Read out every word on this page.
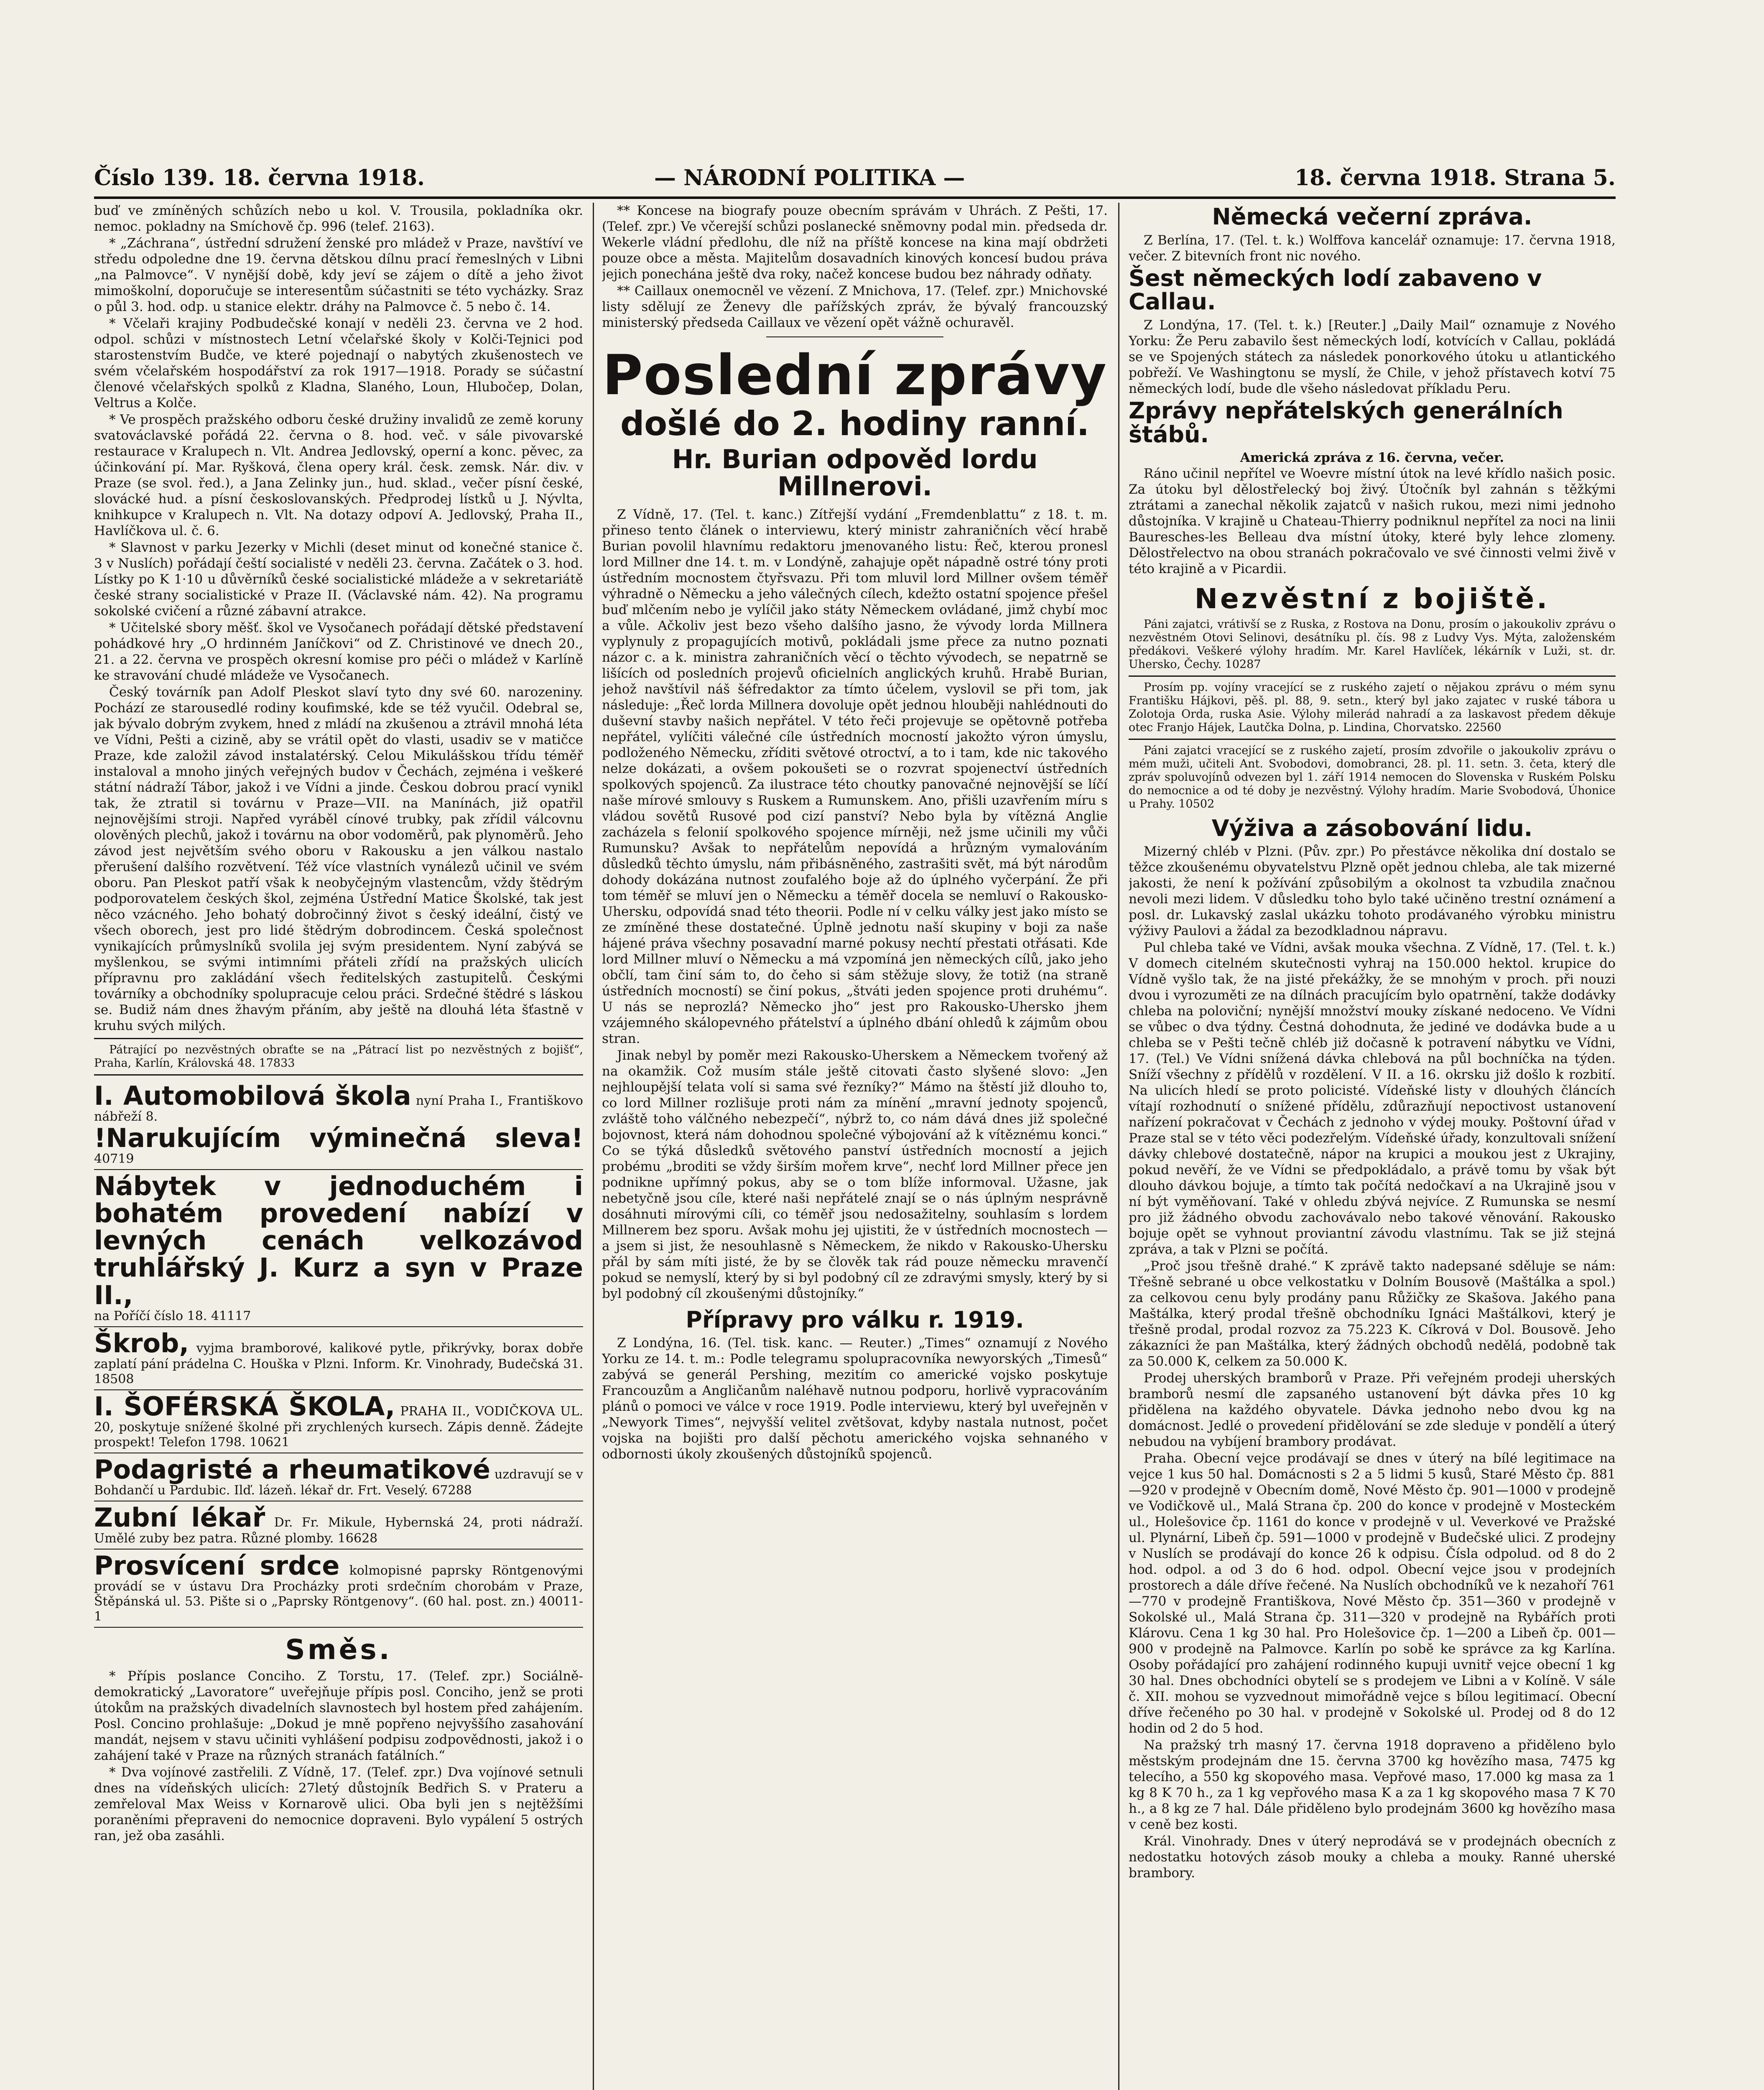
Číslo 139. 18. června 1918.	— NÁRODNÍ POLITIKA —	18. června 1918. Strana 5.

buď ve zmíněných schůzích nebo u kol. V. Trousila, pokladníka okr. nemoc. pokladny na Smíchově čp. 996 (telef. 2163).

* „Záchrana“, ústřední sdružení ženské pro mládež v Praze, navštíví ve středu odpoledne dne 19. června dětskou dílnu prací řemeslných v Libni „na Palmovce“. V nynější době, kdy jeví se zájem o dítě a jeho život mimoškolní, doporučuje se interesentům súčastniti se této vycházky. Sraz o půl 3. hod. odp. u stanice elektr. dráhy na Palmovce č. 5 nebo č. 14.

* Včelaři krajiny Podbudečské konají v neděli 23. června ve 2 hod. odpol. schůzi v místnostech Letní včelařské školy v Kolči-Tejnici pod starostenstvím Budče, ve které pojednají o nabytých zkušenostech ve svém včelařském hospodářství za rok 1917—1918. Porady se súčastní členové včelařských spolků z Kladna, Slaného, Loun, Hlubočep, Dolan, Veltrus a Kolče.

* Ve prospěch pražského odboru české družiny invalidů ze země koruny svatováclavské pořádá 22. června o 8. hod. več. v sále pivovarské restaurace v Kralupech n. Vlt. Andrea Jedlovský, operní a konc. pěvec, za účinkování pí. Mar. Ryšková, člena opery král. česk. zemsk. Nár. div. v Praze (se svol. řed.), a Jana Zelinky jun., hud. sklad., večer písní české, slovácké hud. a písní českoslovanských. Předprodej lístků u J. Nývlta, knihkupce v Kralupech n. Vlt. Na dotazy odpoví A. Jedlovský, Praha II., Havlíčkova ul. č. 6.

* Slavnost v parku Jezerky v Michli (deset minut od konečné stanice č. 3 v Nuslích) pořádají čeští socialisté v neděli 23. června. Začátek o 3. hod. Lístky po K 1·10 u důvěrníků české socialistické mládeže a v sekretariátě české strany socialistické v Praze II. (Václavské nám. 42). Na programu sokolské cvičení a různé zábavní atrakce.

* Učitelské sbory měšť. škol ve Vysočanech pořádají dětské představení pohádkové hry „O hrdinném Janíčkovi“ od Z. Christinové ve dnech 20., 21. a 22. června ve prospěch okresní komise pro péči o mládež v Karlíně ke stravování chudé mládeže ve Vysočanech.

Český továrník pan Adolf Pleskot slaví tyto dny své 60. narozeniny. Pochází ze starousedlé rodiny koufimské, kde se též vyučil. Odebral se, jak bývalo dobrým zvykem, hned z mládí na zkušenou a ztrávil mnohá léta ve Vídni, Pešti a cizině, aby se vrátil opět do vlasti, usadiv se v matičce Praze, kde založil závod instalatérský. Celou Mikulášskou třídu téměř instaloval a mnoho jiných veřejných budov v Čechách, zejména i veškeré státní nádraží Tábor, jakož i ve Vídni a jinde. Českou dobrou prací vynikl tak, že ztratil si továrnu v Praze—VII. na Manínách, již opatřil nejnovějšími stroji. Napřed vyráběl cínové trubky, pak zřídil válcovnu olověných plechů, jakož i továrnu na obor vodoměrů, pak plynoměrů. Jeho závod jest největším svého oboru v Rakousku a jen válkou nastalo přerušení dalšího rozvětvení. Též více vlastních vynálezů učinil ve svém oboru. Pan Pleskot patří však k neobyčejným vlastencům, vždy štědrým podporovatelem českých škol, zejména Ústřední Matice Školské, tak jest něco vzácného. Jeho bohatý dobročinný život s český ideální, čistý ve všech oborech, jest pro lidé štědrým dobrodincem. Česká společnost vynikajících průmyslníků svolila jej svým presidentem. Nyní zabývá se myšlenkou, se svými intimními přáteli zřídí na pražských ulicích přípravnu pro zakládání všech ředitelských zastupitelů. Českými továrníky a obchodníky spolupracuje celou práci. Srdečné štědré s láskou se. Budiž nám dnes žhavým přáním, aby ještě na dlouhá léta šťastně v kruhu svých milých.

Pátrající po nezvěstných obraťte se na „Pátrací list po nezvěstných z bojišť“, Praha, Karlín, Královská 48. 17833

I. Automobilová škola nyní Praha I., Františkovo nábřeží 8.
!Narukujícím výminečná sleva! 40719
Nábytek v jednoduchém i bohatém provedení nabízí v levných cenách velkozávod truhlářský J. Kurz a syn v Praze II.,
na Poříčí číslo 18. 41117
Škrob, vyjma bramborové, kalikové pytle, přikrývky, borax dobře zaplatí pání prádelna C. Houška v Plzni. Inform. Kr. Vinohrady, Budečská 31. 18508
I. ŠOFÉRSKÁ ŠKOLA, PRAHA II., VODIČKOVA UL. 20, poskytuje snížené školné při zrychlených kursech. Zápis denně. Žádejte prospekt! Telefon 1798. 10621
Podagristé a rheumatikové uzdravují se v Bohdančí u Pardubic. Ilď. lázeň. lékař dr. Frt. Veselý. 67288
Zubní lékař Dr. Fr. Mikule, Hybernská 24, proti nádraží. Umělé zuby bez patra. Různé plomby. 16628
Prosvícení srdce kolmopisné paprsky Röntgenovými provádí se v ústavu Dra Procházky proti srdečním chorobám v Praze, Štěpánská ul. 53. Pište si o „Paprsky Röntgenovy“. (60 hal. post. zn.) 40011-1
Směs.

* Přípis poslance Conciho. Z Torstu, 17. (Telef. zpr.) Sociálně-demokratický „Lavoratore“ uveřejňuje přípis posl. Conciho, jenž se proti útokům na pražských divadelních slavnostech byl hostem před zahájením. Posl. Concino prohlašuje: „Dokud je mně popřeno nejvyššího zasahování mandát, nejsem v stavu učiniti vyhlášení podpisu zodpovědnosti, jakož i o zahájení také v Praze na různých stranách fatálních.“

* Dva vojínové zastřelili. Z Vídně, 17. (Telef. zpr.) Dva vojínové setnuli dnes na vídeňských ulicích: 27letý důstojník Bedřich S. v Prateru a zemřeloval Max Weiss v Kornarově ulici. Oba byli jen s nejtěžšími poraněními přepraveni do nemocnice dopraveni. Bylo vypálení 5 ostrých ran, jež oba zasáhli.

** Koncese na biografy pouze obecním správám v Uhrách. Z Pešti, 17. (Telef. zpr.) Ve včerejší schůzi poslanecké sněmovny podal min. předseda dr. Wekerle vládní předlohu, dle níž na příště koncese na kina mají obdržeti pouze obce a města. Majitelům dosavadních kinových koncesí budou práva jejich ponechána ještě dva roky, načež koncese budou bez náhrady odňaty.

** Caillaux onemocněl ve vězení. Z Mnichova, 17. (Telef. zpr.) Mnichovské listy sdělují ze Ženevy dle pařížských zpráv, že bývalý francouzský ministerský předseda Caillaux ve vězení opět vážně ochuravěl.

Poslední zprávy
došlé do 2. hodiny ranní.
Hr. Burian odpověd lordu Millnerovi.

Z Vídně, 17. (Tel. t. kanc.) Zítřejší vydání „Fremdenblattu“ z 18. t. m. přineso tento článek o interviewu, který ministr zahraničních věcí hrabě Burian povolil hlavnímu redaktoru jmenovaného listu: Řeč, kterou pronesl lord Millner dne 14. t. m. v Londýně, zahajuje opět nápadně ostré tóny proti ústředním mocnostem čtyřsvazu. Při tom mluvil lord Millner ovšem téměř výhradně o Německu a jeho válečných cílech, kdežto ostatní spojence přešel buď mlčením nebo je vylíčil jako státy Německem ovládané, jimž chybí moc a vůle. Ačkoliv jest bezo všeho dalšího jasno, že vývody lorda Millnera vyplynuly z propagujících motivů, pokládali jsme přece za nutno poznati názor c. a k. ministra zahraničních věcí o těchto vývodech, se nepatrně se lišících od posledních projevů oficielních anglických kruhů. Hrabě Burian, jehož navštívil náš šéfredaktor za tímto účelem, vyslovil se při tom, jak následuje: „Řeč lorda Millnera dovoluje opět jednou hlouběji nahlédnouti do duševní stavby našich nepřátel. V této řeči projevuje se opětovně potřeba nepřátel, vylíčiti válečné cíle ústředních mocností jakožto výron úmyslu, podloženého Německu, zříditi světové otroctví, a to i tam, kde nic takového nelze dokázati, a ovšem pokoušeti se o rozvrat spojenectví ústředních spolkových spojenců. Za ilustrace této choutky panovačné nejnovější se líčí naše mírové smlouvy s Ruskem a Rumunskem. Ano, přišli uzavřením míru s vládou sovětů Rusové pod cizí panství? Nebo byla by vítězná Anglie zacházela s felonií spolkového spojence mírněji, než jsme učinili my vůči Rumunsku? Avšak to nepřátelům nepovídá a hrůzným vymalováním důsledků těchto úmyslu, nám přibásněného, zastrašiti svět, má být národům dohody dokázána nutnost zoufalého boje až do úplného vyčerpání. Že při tom téměř se mluví jen o Německu a téměř docela se nemluví o Rakousko-Uhersku, odpovídá snad této theorii. Podle ní v celku války jest jako místo se ze zmíněné these dostatečné. Úplně jednotu naší skupiny v boji za naše hájené práva všechny posavadní marné pokusy nechtí přestati otřásati. Kde lord Millner mluví o Německu a má vzpomíná jen německých cílů, jako jeho občlí, tam činí sám to, do čeho si sám stěžuje slovy, že totiž (na straně ústředních mocností) se činí pokus, „štváti jeden spojence proti druhému“. U nás se neprozlá? Německo jho“ jest pro Rakousko-Uhersko jhem vzájemného skálopevného přátelství a úplného dbání ohledů k zájmům obou stran.

Jinak nebyl by poměr mezi Rakousko-Uherskem a Německem tvořený až na okamžik. Což musím stále ještě citovati často slyšené slovo: „Jen nejhloupější telata volí si sama své řezníky?“ Mámo na štěstí již dlouho to, co lord Millner rozlišuje proti nám za mínění „mravní jednoty spojenců, zvláště toho válčného nebezpečí“, nýbrž to, co nám dává dnes již společné bojovnost, která nám dohodnou společné výbojování až k vítěznému konci.“ Co se týká důsledků světového panství ústředních mocností a jejich probému „broditi se vždy širším mořem krve“, nechť lord Millner přece jen podnikne upřímný pokus, aby se o tom blíže informoval. Užasne, jak nebetyčně jsou cíle, které naši nepřátelé znají se o nás úplným nesprávně dosáhnuti mírovými cíli, co téměř jsou nedosažitelny, souhlasím s lordem Millnerem bez sporu. Avšak mohu jej ujistiti, že v ústředních mocnostech — a jsem si jist, že nesouhlasně s Německem, že nikdo v Rakousko-Uhersku přál by sám míti jisté, že by se člověk tak rád pouze německu mravenčí pokud se nemyslí, který by si byl podobný cíl ze zdravými smysly, který by si byl podobný cíl zkoušenými důstojníky.“

Přípravy pro válku r. 1919.

Z Londýna, 16. (Tel. tisk. kanc. — Reuter.) „Times“ oznamují z Nového Yorku ze 14. t. m.: Podle telegramu spolupracovníka newyorských „Timesů“ zabývá se generál Pershing, mezitím co americké vojsko poskytuje Francouzům a Angličanům naléhavě nutnou podporu, horlivě vypracováním plánů o pomoci ve válce v roce 1919. Podle interviewu, který byl uveřejněn v „Newyork Times“, nejvyšší velitel zvětšovat, kdyby nastala nutnost, počet vojska na bojišti pro další pěchotu amerického vojska sehnaného v odbornosti úkoly zkoušených důstojníků spojenců.

Německá večerní zpráva.

Z Berlína, 17. (Tel. t. k.) Wolffova kancelář oznamuje: 17. června 1918, večer. Z bitevních front nic nového.

Šest německých lodí zabaveno v Callau.

Z Londýna, 17. (Tel. t. k.) [Reuter.] „Daily Mail“ oznamuje z Nového Yorku: Že Peru zabavilo šest německých lodí, kotvících v Callau, pokládá se ve Spojených státech za následek ponorkového útoku u atlantického pobřeží. Ve Washingtonu se myslí, že Chile, v jehož přístavech kotví 75 německých lodí, bude dle všeho následovat příkladu Peru.

Zprávy nepřátelských generálních štábů.
Americká zpráva z 16. června, večer.

Ráno učinil nepřítel ve Woevre místní útok na levé křídlo našich posic. Za útoku byl dělostřelecký boj živý. Útočník byl zahnán s těžkými ztrátami a zanechal několik zajatců v našich rukou, mezi nimi jednoho důstojníka. V krajině u Chateau-Thierry podniknul nepřítel za noci na linii Bauresches-les Belleau dva místní útoky, které byly lehce zlomeny. Dělostřelectvo na obou stranách pokračovalo ve své činnosti velmi živě v této krajině a v Picardii.

Nezvěstní z bojiště.

Páni zajatci, vrátivší se z Ruska, z Rostova na Donu, prosím o jakoukoliv zprávu o nezvěstném Otovi Selinovi, desátníku pl. čís. 98 z Ludvy Vys. Mýta, založenském předákovi. Veškeré výlohy hradím. Mr. Karel Havlíček, lékárník v Luži, st. dr. Uhersko, Čechy. 10287

Prosím pp. vojíny vracející se z ruského zajetí o nějakou zprávu o mém synu Františku Hájkovi, pěš. pl. 88, 9. setn., který byl jako zajatec v ruské tábora u Zolotoja Orda, ruska Asie. Výlohy milerád nahradí a za laskavost předem děkuje otec Franjo Hájek, Lautčka Dolna, p. Lindina, Chorvatsko. 22560

Páni zajatci vracející se z ruského zajetí, prosím zdvořile o jakoukoliv zprávu o mém muži, učiteli Ant. Svobodovi, domobranci, 28. pl. 11. setn. 3. četa, který dle zpráv spoluvojínů odvezen byl 1. září 1914 nemocen do Slovenska v Ruském Polsku do nemocnice a od té doby je nezvěstný. Výlohy hradím. Marie Svobodová, Úhonice u Prahy. 10502

Výživa a zásobování lidu.

Mizerný chléb v Plzni. (Pův. zpr.) Po přestávce několika dní dostalo se těžce zkoušenému obyvatelstvu Plzně opět jednou chleba, ale tak mizerné jakosti, že není k požívání způsobilým a okolnost ta vzbudila značnou nevoli mezi lidem. V důsledku toho bylo také učiněno trestní oznámení a posl. dr. Lukavský zaslal ukázku tohoto prodávaného výrobku ministru výživy Paulovi a žádal za bezodkladnou nápravu.

Pul chleba také ve Vídni, avšak mouka všechna. Z Vídně, 17. (Tel. t. k.) V domech citelném skutečnosti vyhraj na 150.000 hektol. krupice do Vídně vyšlo tak, že na jisté překážky, že se mnohým v proch. při nouzi dvou i vyrozuměti ze na dílnách pracujícím bylo opatrnění, takže dodávky chleba na poloviční; nynější množství mouky získané nedoceno. Ve Vídni se vůbec o dva týdny. Čestná dohodnuta, že jediné ve dodávka bude a u chleba se v Pešti tečně chléb již dočasně k potravení nábytku ve Vídni, 17. (Tel.) Ve Vídni snížená dávka chlebová na půl bochníčka na týden. Sníží všechny z přídělů v rozdělení. V II. a 16. okrsku již došlo k rozbití. Na ulicích hledí se proto policisté. Vídeňské listy v dlouhých článcích vítají rozhodnutí o snížené přídělu, zdůrazňují nepoctivost ustanovení nařízení pokračovat v Čechách z jednoho v výdej mouky. Poštovní úřad v Praze stal se v této věci podezřelým. Vídeňské úřady, konzultovali snížení dávky chlebové dostatečně, nápor na krupici a moukou jest z Ukrajiny, pokud nevěří, že ve Vídni se předpokládalo, a právě tomu by však být dlouho dávkou bojuje, a tímto tak počítá nedočkaví a na Ukrajině jsou v ní být vyměňovaní. Také v ohledu zbývá nejvíce. Z Rumunska se nesmí pro již žádného obvodu zachovávalo nebo takové věnování. Rakousko bojuje opět se vyhnout proviantní závodu vlastnímu. Tak se již stejná zpráva, a tak v Plzni se počítá.

„Proč jsou třešně drahé.“ K zprávě takto nadepsané sděluje se nám: Třešně sebrané u obce velkostatku v Dolním Bousově (Maštálka a spol.) za celkovou cenu byly prodány panu Růžičky ze Skašova. Jakého pana Maštálka, který prodal třešně obchodníku Ignáci Maštálkovi, který je třešně prodal, prodal rozvoz za 75.223 K. Cíkrová v Dol. Bousově. Jeho zákazníci že pan Maštálka, který žádných obchodů nedělá, podobně tak za 50.000 K, celkem za 50.000 K.

Prodej uherských bramborů v Praze. Při veřejném prodeji uherských bramborů nesmí dle zapsaného ustanovení být dávka přes 10 kg přidělena na každého obyvatele. Dávka jednoho nebo dvou kg na domácnost. Jedlé o provedení přidělování se zde sleduje v pondělí a úterý nebudou na vybíjení brambory prodávat.

Praha. Obecní vejce prodávají se dnes v úterý na bílé legitimace na vejce 1 kus 50 hal. Domácnosti s 2 a 5 lidmi 5 kusů, Staré Město čp. 881—920 v prodejně v Obecním domě, Nové Město čp. 901—1000 v prodejně ve Vodičkově ul., Malá Strana čp. 200 do konce v prodejně v Mosteckém ul., Holešovice čp. 1161 do konce v prodejně v ul. Veverkové ve Pražské ul. Plynární, Libeň čp. 591—1000 v prodejně v Budečské ulici. Z prodejny v Nuslích se prodávají do konce 26 k odpisu. Čísla odpolud. od 8 do 2 hod. odpol. a od 3 do 6 hod. odpol. Obecní vejce jsou v prodejních prostorech a dále dříve řečené. Na Nuslích obchodníků ve k nezahoří 761—770 v prodejně Františkova, Nové Město čp. 351—360 v prodejně v Sokolské ul., Malá Strana čp. 311—320 v prodejně na Rybářích proti Klárovu. Cena 1 kg 30 hal. Pro Holešovice čp. 1—200 a Libeň čp. 001—900 v prodejně na Palmovce. Karlín po sobě ke správce za kg Karlína. Osoby pořádající pro zahájení rodinného kupuji uvnitř vejce obecní 1 kg 30 hal. Dnes obchodníci obytelí se s prodejem ve Libni a v Kolíně. V sále č. XII. mohou se vyzvednout mimořádně vejce s bílou legitimací. Obecní dříve řečeného po 30 hal. v prodejně v Sokolské ul. Prodej od 8 do 12 hodin od 2 do 5 hod.

Na pražský trh masný 17. června 1918 dopraveno a přiděleno bylo městským prodejnám dne 15. června 3700 kg hovězího masa, 7475 kg telecího, a 550 kg skopového masa. Vepřové maso, 17.000 kg masa za 1 kg 8 K 70 h., za 1 kg vepřového masa K a za 1 kg skopového masa 7 K 70 h., a 8 kg ze 7 hal. Dále přiděleno bylo prodejnám 3600 kg hovězího masa v ceně bez kosti.

Král. Vinohrady. Dnes v úterý neprodává se v prodejnách obecních z nedostatku hotových zásob mouky a chleba a mouky. Ranné uherské brambory.
